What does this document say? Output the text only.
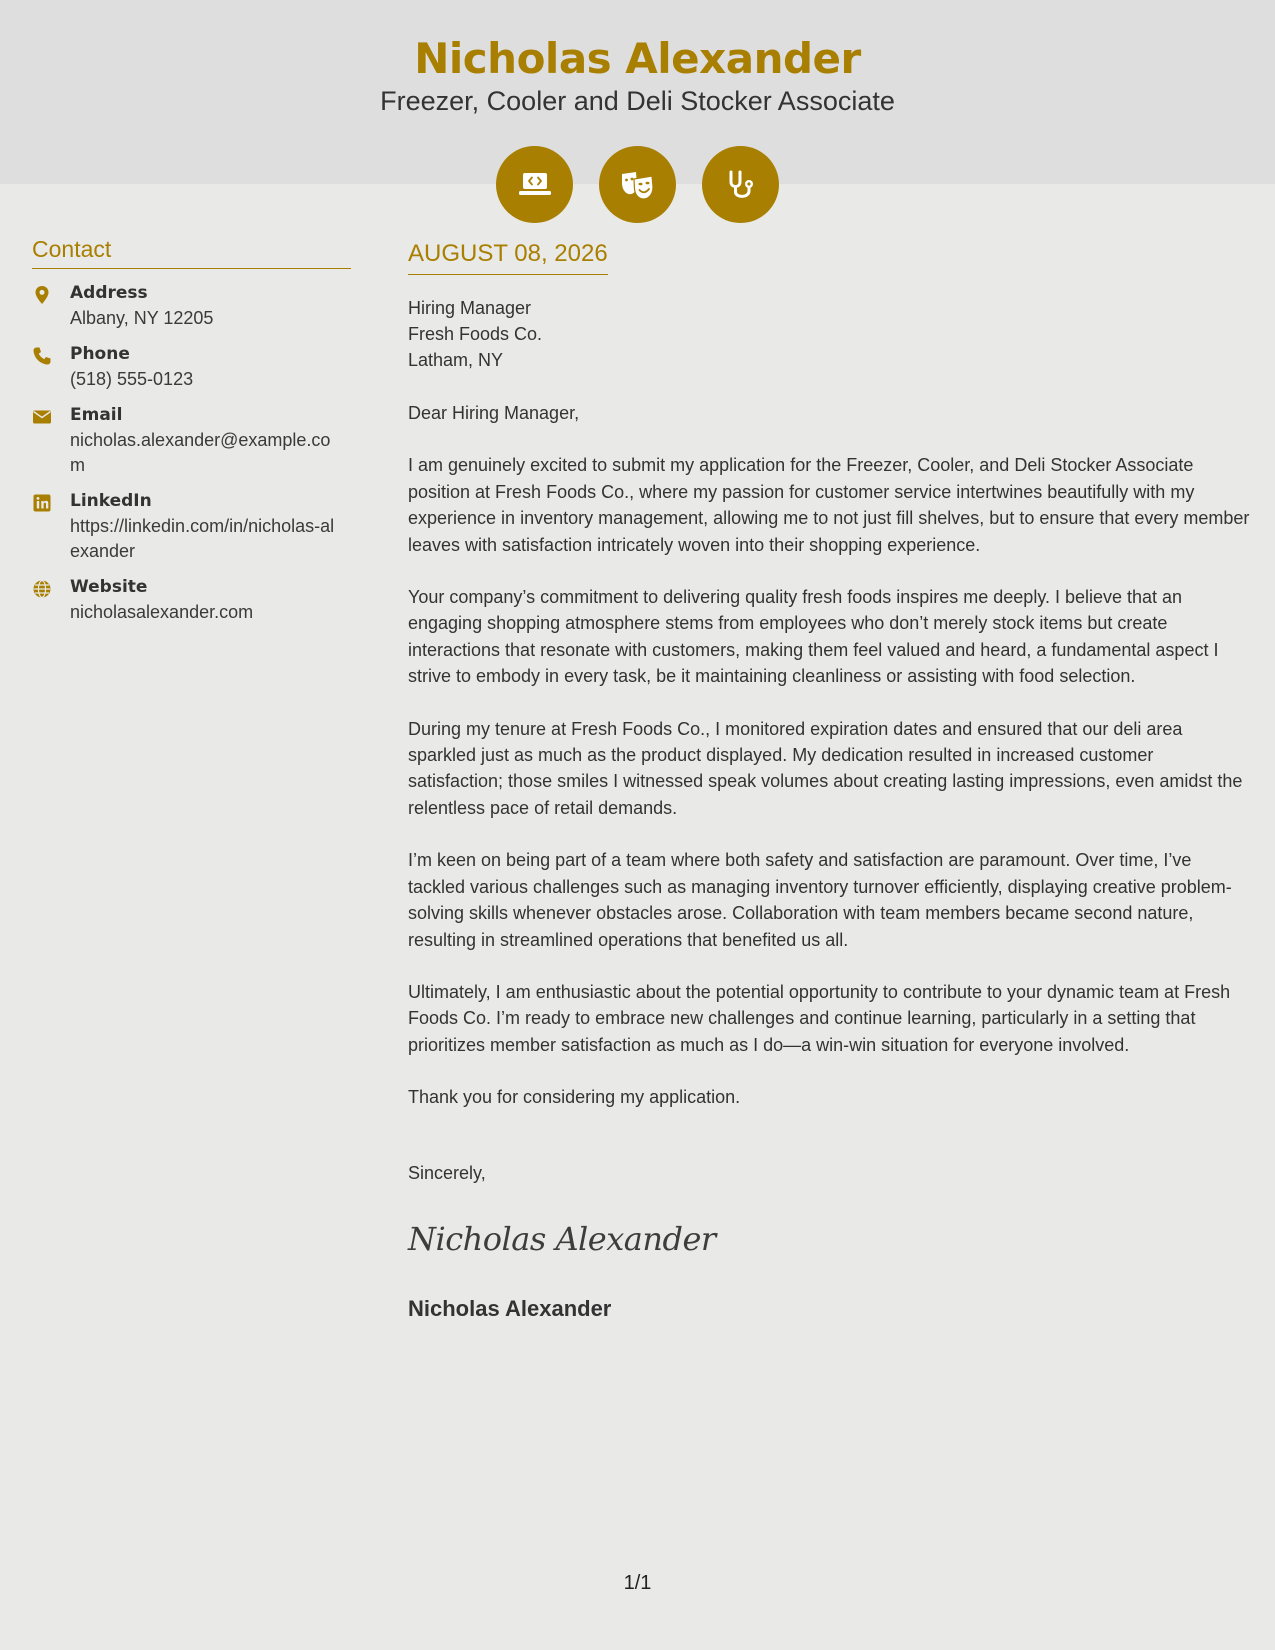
Nicholas Alexander
Freezer, Cooler and Deli Stocker Associate
Contact
Address
Albany, NY 12205
Phone
(518) 555-0123
Email
nicholas.alexander@example.com
LinkedIn
https://linkedin.com/in/nicholas-alexander
Website
nicholasalexander.com
AUGUST 08, 2026
Hiring Manager
Fresh Foods Co.
Latham, NY

Dear Hiring Manager,

I am genuinely excited to submit my application for the Freezer, Cooler, and Deli Stocker Associate position at Fresh Foods Co., where my passion for customer service intertwines beautifully with my experience in inventory management, allowing me to not just fill shelves, but to ensure that every member leaves with satisfaction intricately woven into their shopping experience.

Your company’s commitment to delivering quality fresh foods inspires me deeply. I believe that an engaging shopping atmosphere stems from employees who don’t merely stock items but create interactions that resonate with customers, making them feel valued and heard, a fundamental aspect I strive to embody in every task, be it maintaining cleanliness or assisting with food selection.

During my tenure at Fresh Foods Co., I monitored expiration dates and ensured that our deli area sparkled just as much as the product displayed. My dedication resulted in increased customer satisfaction; those smiles I witnessed speak volumes about creating lasting impressions, even amidst the relentless pace of retail demands.

I’m keen on being part of a team where both safety and satisfaction are paramount. Over time, I’ve tackled various challenges such as managing inventory turnover efficiently, displaying creative problem-solving skills whenever obstacles arose. Collaboration with team members became second nature, resulting in streamlined operations that benefited us all.

Ultimately, I am enthusiastic about the potential opportunity to contribute to your dynamic team at Fresh Foods Co. I’m ready to embrace new challenges and continue learning, particularly in a setting that prioritizes member satisfaction as much as I do—a win-win situation for everyone involved.

Thank you for considering my application.

Sincerely,
Nicholas Alexander
Nicholas Alexander
1/1
